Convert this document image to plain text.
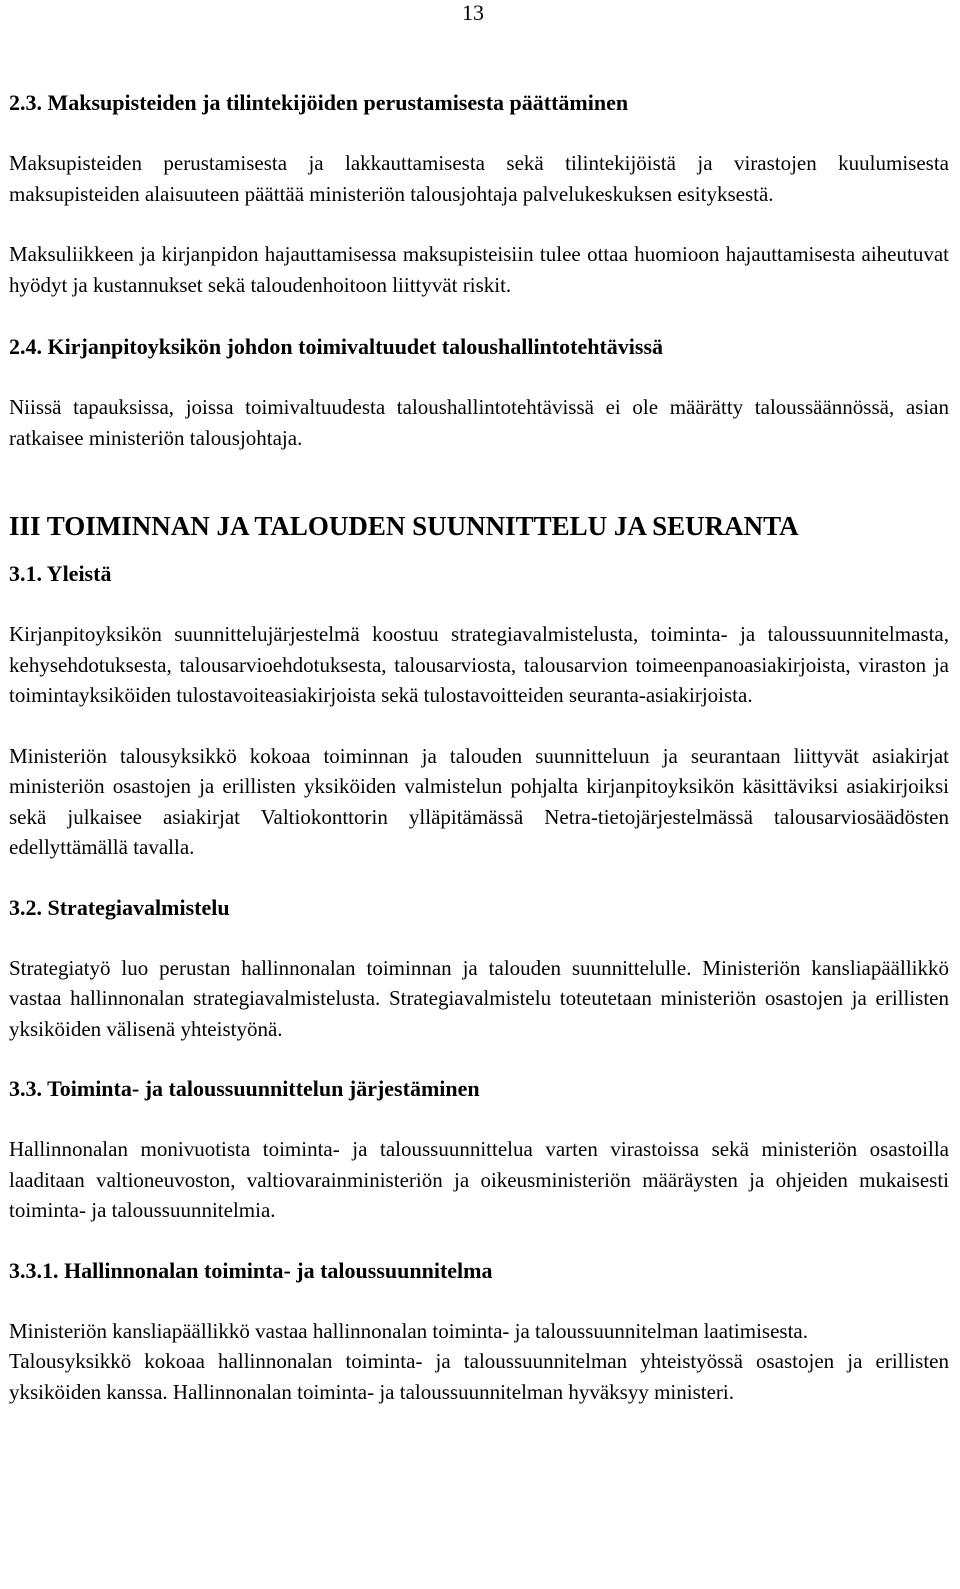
13
2.3. Maksupisteiden ja tilintekijöiden perustamisesta päättäminen

Maksupisteiden perustamisesta ja lakkauttamisesta sekä tilintekijöistä ja virastojen kuulumisesta maksupisteiden alaisuuteen päättää ministeriön talousjohtaja palvelukeskuksen esityksestä.

Maksuliikkeen ja kirjanpidon hajauttamisessa maksupisteisiin tulee ottaa huomioon hajauttamisesta aiheutuvat hyödyt ja kustannukset sekä taloudenhoitoon liittyvät riskit.

2.4. Kirjanpitoyksikön johdon toimivaltuudet taloushallintotehtävissä

Niissä tapauksissa, joissa toimivaltuudesta taloushallintotehtävissä ei ole määrätty taloussäännössä, asian ratkaisee ministeriön talousjohtaja.

III TOIMINNAN JA TALOUDEN SUUNNITTELU JA SEURANTA
3.1. Yleistä

Kirjanpitoyksikön suunnittelujärjestelmä koostuu strategiavalmistelusta, toiminta- ja taloussuunnitelmasta, kehysehdotuksesta, talousarvioehdotuksesta, talousarviosta, talousarvion toimeenpanoasiakirjoista, viraston ja toimintayksiköiden tulostavoiteasiakirjoista sekä tulostavoitteiden seuranta-asiakirjoista.

Ministeriön talousyksikkö kokoaa toiminnan ja talouden suunnitteluun ja seurantaan liittyvät asiakirjat ministeriön osastojen ja erillisten yksiköiden valmistelun pohjalta kirjanpitoyksikön käsittäviksi asiakirjoiksi sekä julkaisee asiakirjat Valtiokonttorin ylläpitämässä Netra-tietojärjestelmässä talousarviosäädösten edellyttämällä tavalla.

3.2. Strategiavalmistelu

Strategiatyö luo perustan hallinnonalan toiminnan ja talouden suunnittelulle. Ministeriön kansliapäällikkö vastaa hallinnonalan strategiavalmistelusta. Strategiavalmistelu toteutetaan ministeriön osastojen ja erillisten yksiköiden välisenä yhteistyönä.

3.3. Toiminta- ja taloussuunnittelun järjestäminen

Hallinnonalan monivuotista toiminta- ja taloussuunnittelua varten virastoissa sekä ministeriön osastoilla laaditaan valtioneuvoston, valtiovarainministeriön ja oikeusministeriön määräysten ja ohjeiden mukaisesti toiminta- ja taloussuunnitelmia.

3.3.1. Hallinnonalan toiminta- ja taloussuunnitelma

Ministeriön kansliapäällikkö vastaa hallinnonalan toiminta- ja taloussuunnitelman laatimisesta.

Talousyksikkö kokoaa hallinnonalan toiminta- ja taloussuunnitelman yhteistyössä osastojen ja erillisten yksiköiden kanssa. Hallinnonalan toiminta- ja taloussuunnitelman hyväksyy ministeri.
